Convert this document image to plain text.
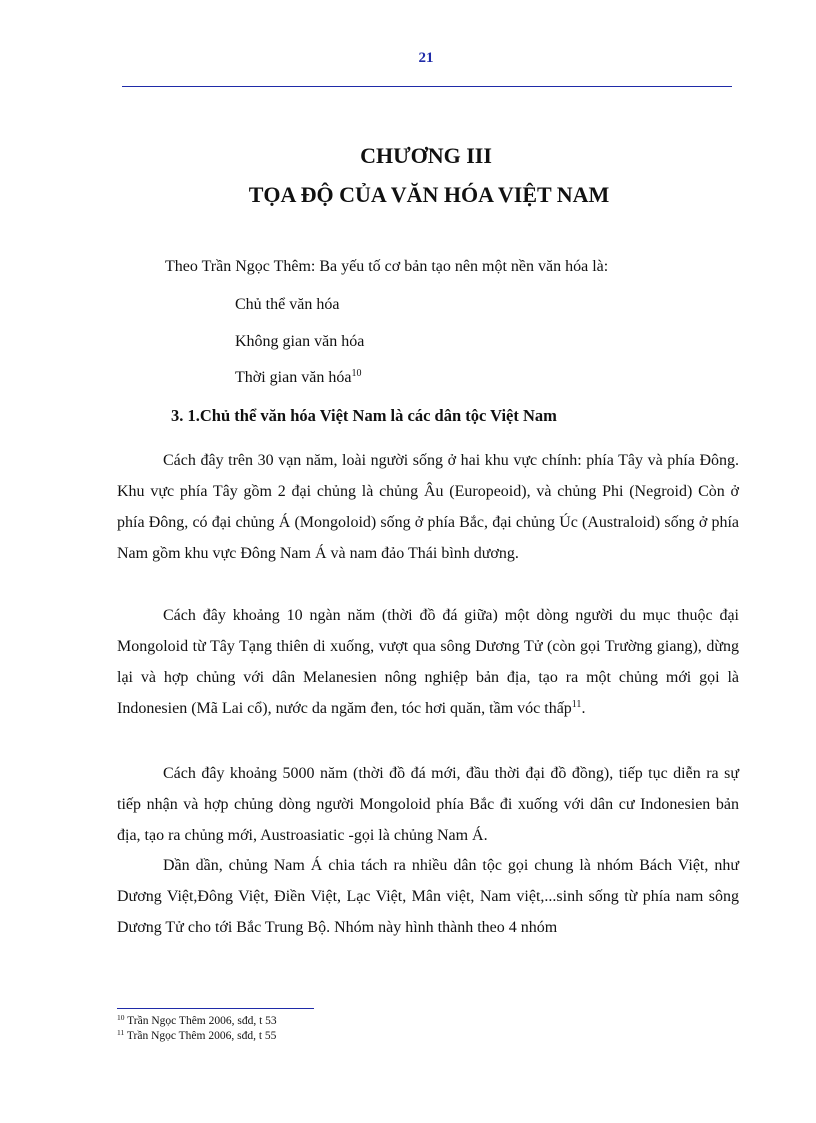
21
CHƯƠNG III
TỌA ĐỘ CỦA VĂN HÓA VIỆT NAM
Theo Trần Ngọc Thêm: Ba yếu tố cơ bản tạo nên một nền văn hóa là:
Chủ thể văn hóa
Không gian văn hóa
Thời gian văn hóa$^{10}$
3. 1.Chủ thể văn hóa Việt Nam là các dân tộc Việt Nam

Cách đây trên 30 vạn năm, loài người sống ở hai khu vực chính: phía Tây và phía Đông. Khu vực phía Tây gồm 2 đại chủng là chủng Âu (Europeoid), và chủng Phi (Negroid) Còn ở phía Đông, có đại chủng Á (Mongoloid) sống ở phía Bắc, đại chủng Úc (Australoid) sống ở phía Nam gồm khu vực Đông Nam Á và nam đảo Thái bình dương.

Cách đây khoảng 10 ngàn năm (thời đồ đá giữa) một dòng người du mục thuộc đại Mongoloid từ Tây Tạng thiên di xuống, vượt qua sông Dương Tử (còn gọi Trường giang), dừng lại và hợp chủng với dân Melanesien nông nghiệp bản địa, tạo ra một chủng mới gọi là Indonesien (Mã Lai cổ), nước da ngăm đen, tóc hơi quăn, tầm vóc thấp$^{11}$.

Cách đây khoảng 5000 năm (thời đồ đá mới, đầu thời đại đồ đồng), tiếp tục diễn ra sự tiếp nhận và hợp chủng dòng người Mongoloid phía Bắc đi xuống với dân cư Indonesien bản địa, tạo ra chủng mới, Austroasiatic -gọi là chủng Nam Á.

Dần dần, chủng Nam Á chia tách ra nhiều dân tộc gọi chung là nhóm Bách Việt, như Dương Việt,Đông Việt, Điền Việt, Lạc Việt, Mân việt, Nam việt,...sinh sống từ phía nam sông Dương Tử cho tới Bắc Trung Bộ. Nhóm này hình thành theo 4 nhóm

$^{10}$ Trần Ngọc Thêm 2006, sđd, t 53
$^{11}$ Trần Ngọc Thêm 2006, sđd, t 55
